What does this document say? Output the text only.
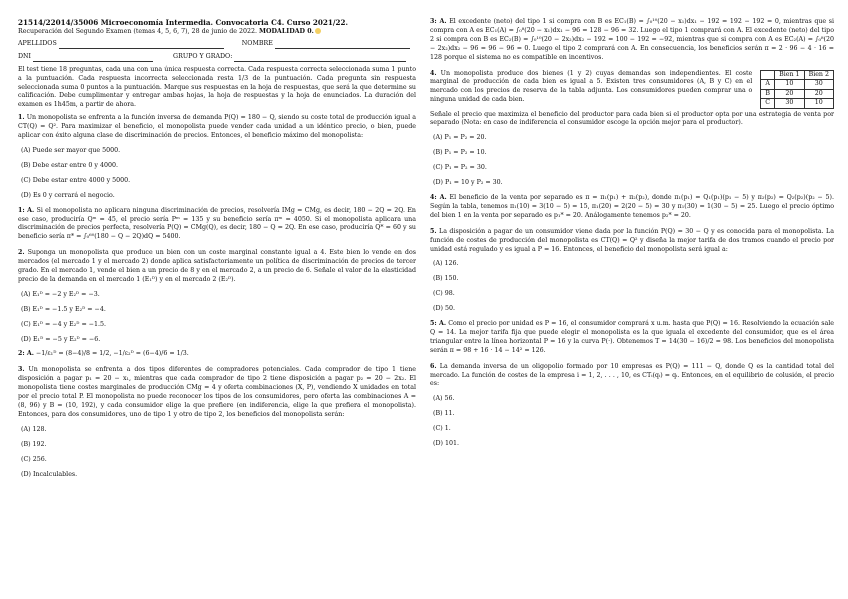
21514/22014/35006 Microeconomía Intermedia. Convocatoria C4. Curso 2021/22.
Recuperación del Segundo Examen (temas 4, 5, 6, 7), 28 de junio de 2022. MODALIDAD 0.
APELLIDOS	NOMBRE
DNI	GRUPO Y GRADO:

El test tiene 18 preguntas, cada una con una única respuesta correcta. Cada respuesta correcta seleccionada suma 1 punto a la puntuación. Cada respuesta incorrecta seleccionada resta 1/3 de la puntuación. Cada pregunta sin respuesta seleccionada suma 0 puntos a la puntuación. Marque sus respuestas en la hoja de respuestas, que será la que determine su calificación. Debe cumplimentar y entregar ambas hojas, la hoja de respuestas y la hoja de enunciados. La duración del examen es 1h45m, a partir de ahora.

1. Un monopolista se enfrenta a la función inversa de demanda P(Q) = 180 − Q, siendo su coste total de producción igual a CT(Q) = Q². Para maximizar el beneficio, el monopolista puede vender cada unidad a un idéntico precio, o bien, puede aplicar con éxito alguna clase de discriminación de precios. Entonces, el beneficio máximo del monopolista:
(A) Puede ser mayor que 5000.
(B) Debe estar entre 0 y 4000.
(C) Debe estar entre 4000 y 5000.
(D) Es 0 y cerrará el negocio.
1: A. Si el monopolista no aplicara ninguna discriminación de precios, resolvería IMg = CMg, es decir, 180 − 2Q = 2Q. En ese caso, produciría Qᵐ = 45, el precio sería Pᵐ = 135 y su beneficio sería πᵐ = 4050. Si el monopolista aplicara una discriminación de precios perfecta, resolvería P(Q) = CMg(Q), es decir, 180 − Q = 2Q. En ese caso, produciría Q* = 60 y su beneficio sería π* = ∫₀⁶⁰(180 − Q − 2Q)dQ = 5400.
2. Suponga un monopolista que produce un bien con un coste marginal constante igual a 4. Este bien lo vende en dos mercados (el mercado 1 y el mercado 2) donde aplica satisfactoriamente un política de discriminación de precios de tercer grado. En el mercado 1, vende el bien a un precio de 8 y en el mercado 2, a un precio de 6. Señale el valor de la elasticidad precio de la demanda en el mercado 1 (E₁ᴰ) y en el mercado 2 (E₂ᴰ).
(A) E₁ᴰ = −2 y E₂ᴰ = −3.
(B) E₁ᴰ = −1.5 y E₂ᴰ = −4.
(C) E₁ᴰ = −4 y E₂ᴰ = −1.5.
(D) E₁ᴰ = −5 y E₂ᴰ = −6.
2: A. −1/ε₁ᴰ = (8−4)/8 = 1/2, −1/ε₂ᴰ = (6−4)/6 = 1/3.
3. Un monopolista se enfrenta a dos tipos diferentes de compradores potenciales. Cada comprador de tipo 1 tiene disposición a pagar p₁ = 20 − x₁, mientras que cada comprador de tipo 2 tiene disposición a pagar p₂ = 20 − 2x₂. El monopolista tiene costes marginales de producción CMg = 4 y oferta combinaciones (X, P), vendiendo X unidades en total por el precio total P. El monopolista no puede reconocer los tipos de los consumidores, pero oferta las combinaciones A = (8, 96) y B = (10, 192), y cada consumidor elige la que prefiere (en indiferencia, elige la que prefiera el monopolista). Entonces, para dos consumidores, uno de tipo 1 y otro de tipo 2, los beneficios del monopolista serán:
(A) 128.
(B) 192.
(C) 256.
(D) Incalculables.
3: A. El excedente (neto) del tipo 1 si compra con B es EC₁(B) = ∫₀¹⁰(20 − x₁)dx₁ − 192 = 192 − 192 = 0, mientras que si compra con A es EC₁(A) = ∫₀⁸(20 − x₁)dx₁ − 96 = 128 − 96 = 32. Luego el tipo 1 comprará con A. El excedente (neto) del tipo 2 si compra con B es EC₂(B) = ∫₀¹⁰(20 − 2x₂)dx₂ − 192 = 100 − 192 = −92, mientras que si compra con A es EC₂(A) = ∫₀⁸(20 − 2x₂)dx₂ − 96 = 96 − 96 = 0. Luego el tipo 2 comprará con A. En consecuencia, los beneficios serán π = 2 · 96 − 4 · 16 = 128 porque el sistema no es compatible en incentivos.
	Bien 1	Bien 2
A	10	30
B	20	20
C	30	10
4. Un monopolista produce dos bienes (1 y 2) cuyas demandas son independientes. El coste marginal de producción de cada bien es igual a 5. Existen tres consumidores (A, B y C) en el mercado con los precios de reserva de la tabla adjunta. Los consumidores pueden comprar una o ninguna unidad de cada bien.
Señale el precio que maximiza el beneficio del productor para cada bien si el productor opta por una estrategia de venta por separado (Nota: en caso de indiferencia el consumidor escoge la opción mejor para el productor).
(A) P₁ = P₂ = 20.
(B) P₁ = P₂ = 10.
(C) P₁ = P₂ = 30.
(D) P₁ = 10 y P₂ = 30.
4: A. El beneficio de la venta por separado es π = π₁(p₁) + π₂(p₂), donde π₁(p₁) = Q₁(p₁)(p₁ − 5) y π₂(p₂) = Q₂(p₂)(p₂ − 5). Según la tabla, tenemos π₁(10) = 3(10 − 5) = 15, π₁(20) = 2(20 − 5) = 30 y π₁(30) = 1(30 − 5) = 25. Luego el precio óptimo del bien 1 en la venta por separado es p₁* = 20. Análogamente tenemos p₂* = 20.
5. La disposición a pagar de un consumidor viene dada por la función P(Q) = 30 − Q y es conocida para el monopolista. La función de costes de producción del monopolista es CT(Q) = Q² y diseña la mejor tarifa de dos tramos cuando el precio por unidad está regulado y es igual a P = 16. Entonces, el beneficio del monopolista será igual a:
(A) 126.
(B) 150.
(C) 98.
(D) 50.
5: A. Como el precio por unidad es P = 16, el consumidor comprará x u.m. hasta que P(Q) = 16. Resolviendo la ecuación sale Q = 14. La mejor tarifa fija que puede elegir el monopolista es la que iguala el excedente del consumidor, que es el área triangular entre la línea horizontal P = 16 y la curva P(·). Obtenemos T = 14(30 − 16)/2 = 98. Los beneficios del monopolista serán π = 98 + 16 · 14 − 14² = 126.
6. La demanda inversa de un oligopolio formado por 10 empresas es P(Q) = 111 − Q, donde Q es la cantidad total del mercado. La función de costes de la empresa i = 1, 2, . . . , 10, es CTᵢ(qᵢ) = qᵢ. Entonces, en el equilibrio de colusión, el precio es:
(A) 56.
(B) 11.
(C) 1.
(D) 101.
